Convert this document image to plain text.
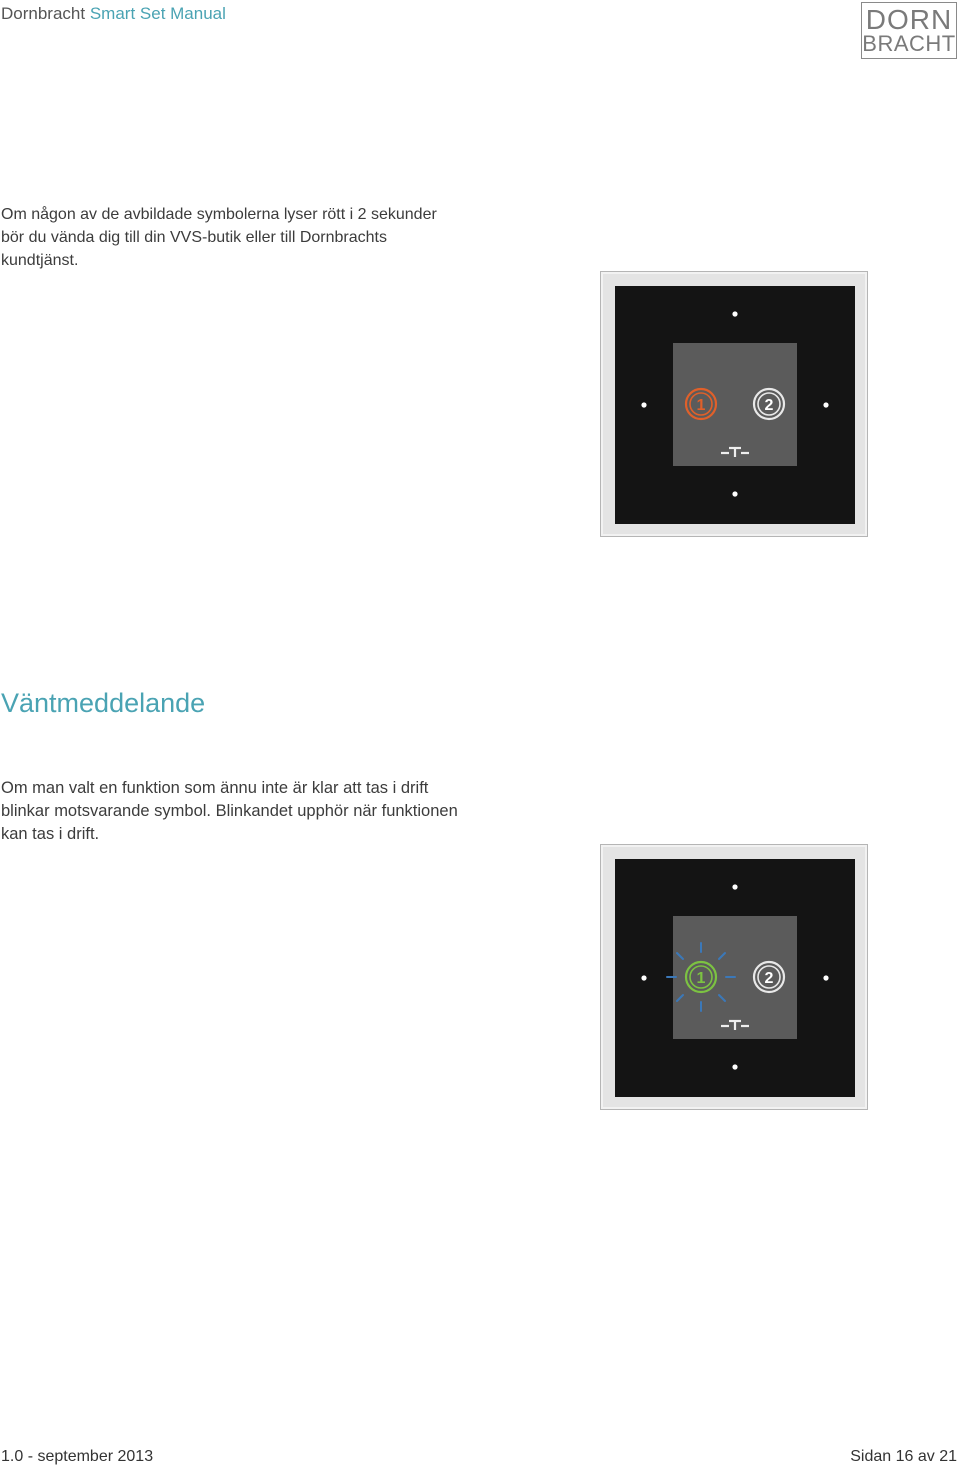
Dornbracht Smart Set Manual	DORN
BRACHT
Om någon av de avbildade symbolerna lyser rött i 2 sekunder bör du vända dig till din VVS-butik eller till Dornbrachts kundtjänst.
1	2
Väntmeddelande
Om man valt en funktion som ännu inte är klar att tas i drift blinkar motsvarande symbol. Blinkandet upphör när funktionen kan tas i drift.
1	2
1.0 - september 2013	Sidan 16 av 21
